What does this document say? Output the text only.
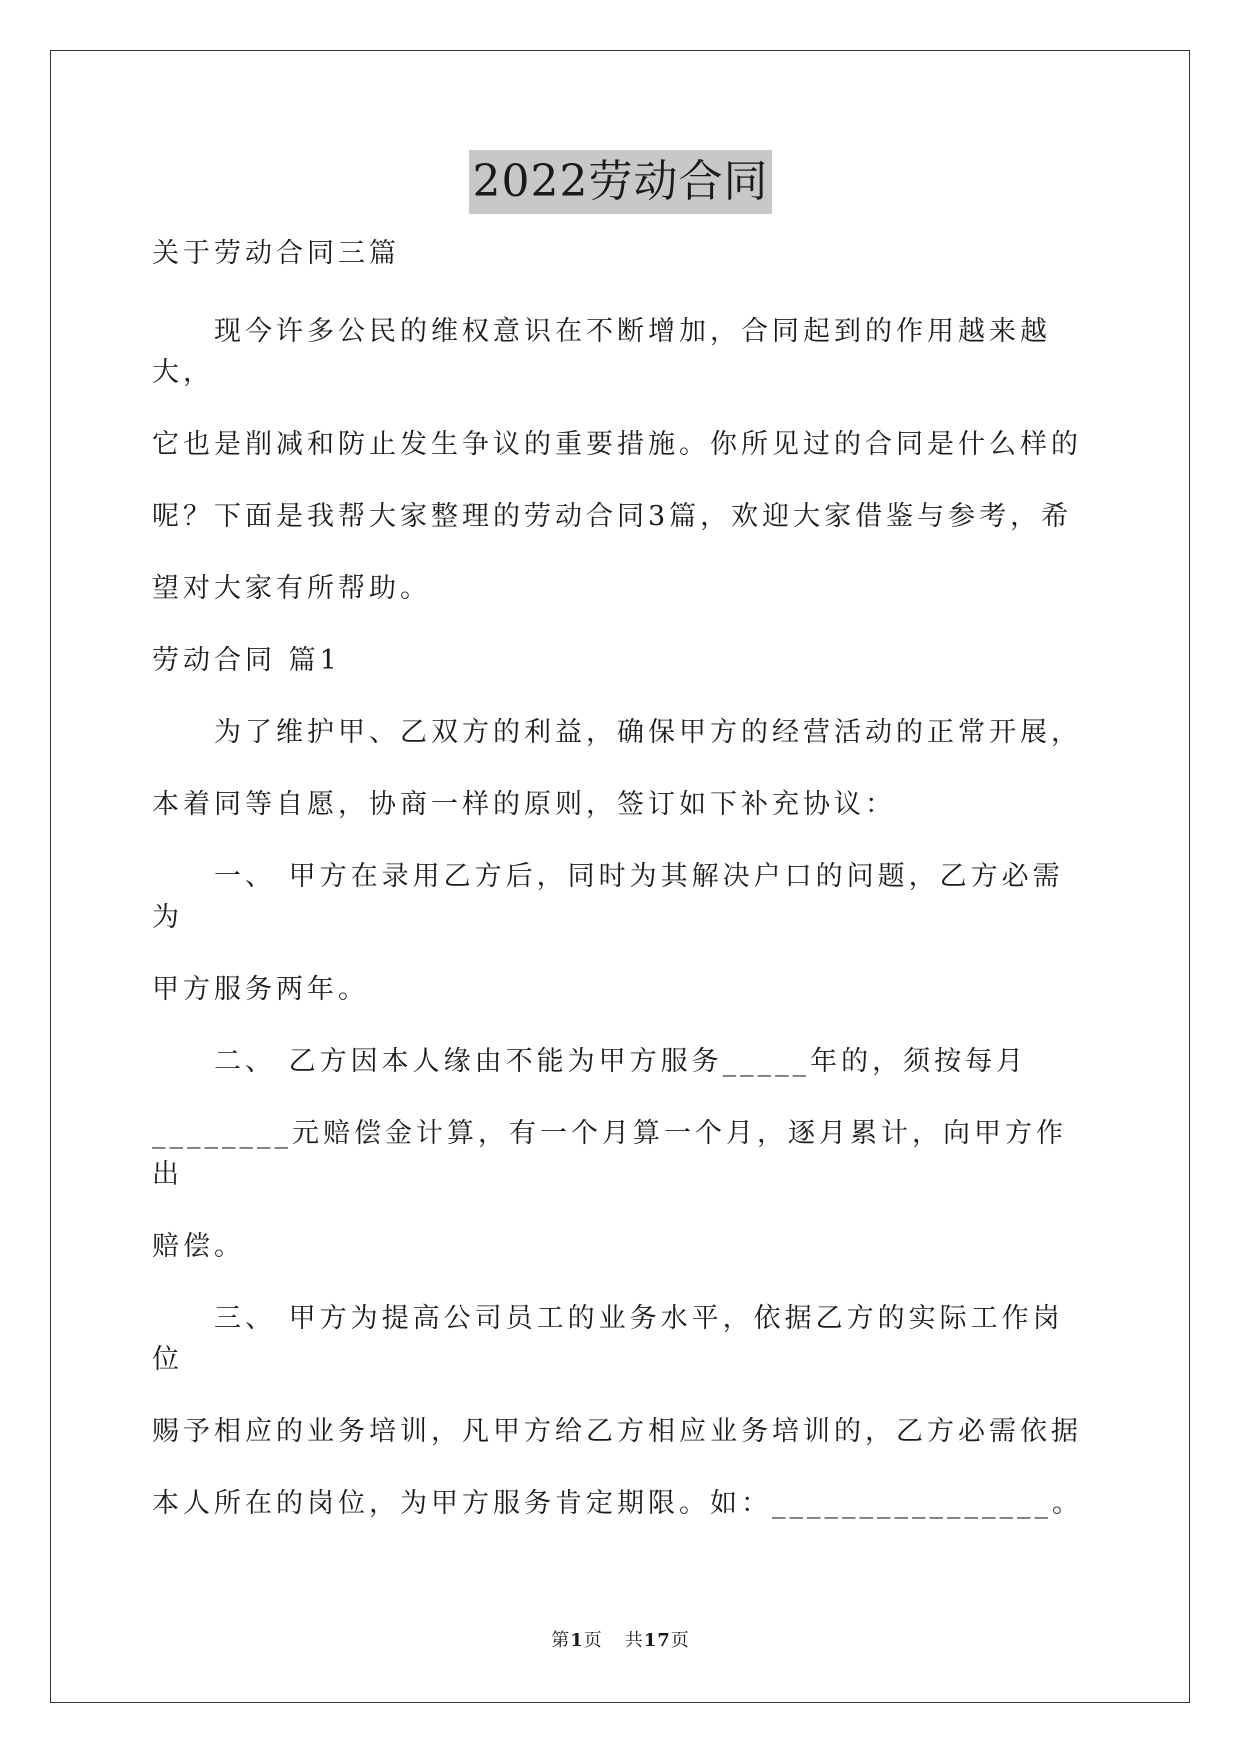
2022劳动合同

关于劳动合同三篇

现今许多公民的维权意识在不断增加，合同起到的作用越来越大，

它也是削减和防止发生争议的重要措施。你所见过的合同是什么样的

呢？下面是我帮大家整理的劳动合同3篇，欢迎大家借鉴与参考，希

望对大家有所帮助。

劳动合同 篇1

为了维护甲、乙双方的利益，确保甲方的经营活动的正常开展，

本着同等自愿，协商一样的原则，签订如下补充协议：

一、 甲方在录用乙方后，同时为其解决户口的问题，乙方必需为

甲方服务两年。

二、 乙方因本人缘由不能为甲方服务_____年的，须按每月

________元赔偿金计算，有一个月算一个月，逐月累计，向甲方作出

赔偿。

三、 甲方为提高公司员工的业务水平，依据乙方的实际工作岗位

赐予相应的业务培训，凡甲方给乙方相应业务培训的，乙方必需依据

本人所在的岗位，为甲方服务肯定期限。如：________________。

第1页 共17页
